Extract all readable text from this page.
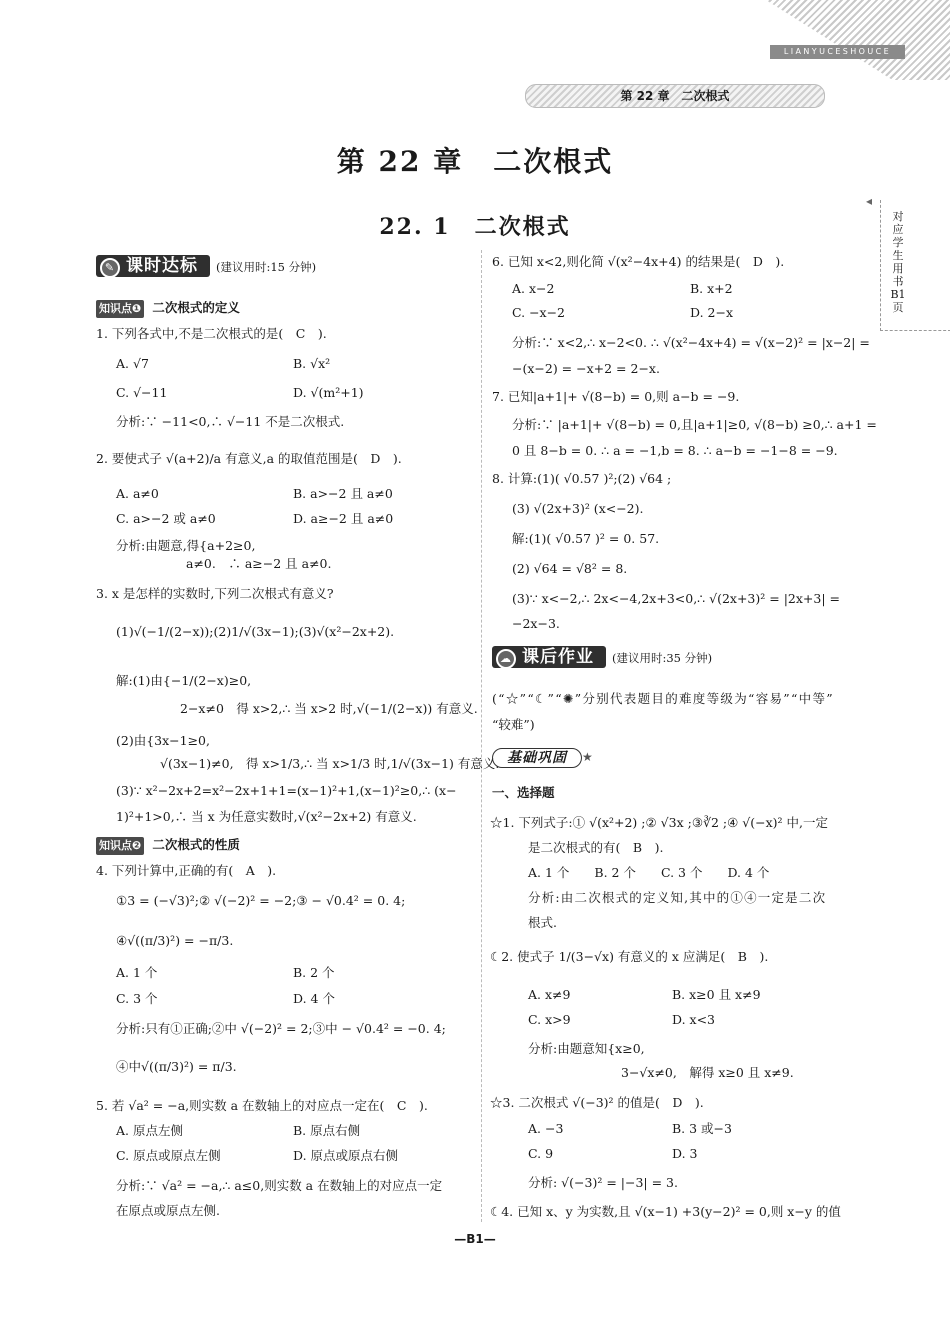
LIANYUCESHOUCE
第 22 章　二次根式
第 22 章　二次根式
22. 1　二次根式
◂
对应学生用书B1页
✎ 课时达标 (建议用时:15 分钟)
知识点❶ 二次根式的定义
1. 下列各式中,不是二次根式的是(　C　).
A. √7	B. √x²
C. √−11	D. √(m²+1)
分析:∵ −11<0,∴ √−11 不是二次根式.
2. 要使式子 √(a+2)/a 有意义,a 的取值范围是(　D　).
A. a≠0	B. a>−2 且 a≠0
C. a>−2 或 a≠0	D. a≥−2 且 a≠0
分析:由题意,得{a+2≥0,
a≠0.　∴ a≥−2 且 a≠0.
3. x 是怎样的实数时,下列二次根式有意义?
(1)√(−1/(2−x));(2)1/√(3x−1);(3)√(x²−2x+2).
解:(1)由{−1/(2−x)≥0,
2−x≠0　得 x>2,∴ 当 x>2 时,√(−1/(2−x)) 有意义.
(2)由{3x−1≥0,
√(3x−1)≠0,　得 x>1/3,∴ 当 x>1/3 时,1/√(3x−1) 有意义.
(3)∵ x²−2x+2=x²−2x+1+1=(x−1)²+1,(x−1)²≥0,∴ (x−
1)²+1>0,∴ 当 x 为任意实数时,√(x²−2x+2) 有意义.
知识点❷ 二次根式的性质
4. 下列计算中,正确的有(　A　).
①3 = (−√3)²;② √(−2)² = −2;③ − √0.4² = 0. 4;
④√((π/3)²) = −π/3.
A. 1 个	B. 2 个
C. 3 个	D. 4 个
分析:只有①正确;②中 √(−2)² = 2;③中 − √0.4² = −0. 4;
④中√((π/3)²) = π/3.
5. 若 √a² = −a,则实数 a 在数轴上的对应点一定在(　C　).
A. 原点左侧	B. 原点右侧
C. 原点或原点左侧	D. 原点或原点右侧
分析:∵ √a² = −a,∴ a≤0,则实数 a 在数轴上的对应点一定
在原点或原点左侧.
6. 已知 x<2,则化简 √(x²−4x+4) 的结果是(　D　).
A. x−2	B. x+2
C. −x−2	D. 2−x
分析:∵ x<2,∴ x−2<0. ∴ √(x²−4x+4) = √(x−2)² = |x−2| =
−(x−2) = −x+2 = 2−x.
7. 已知|a+1|+ √(8−b) = 0,则 a−b = −9.
分析:∵ |a+1|+ √(8−b) = 0,且|a+1|≥0, √(8−b) ≥0,∴ a+1 =
0 且 8−b = 0. ∴ a = −1,b = 8. ∴ a−b = −1−8 = −9.
8. 计算:(1)( √0.57 )²;(2) √64 ;
(3) √(2x+3)² (x<−2).
解:(1)( √0.57 )² = 0. 57.
(2) √64 = √8² = 8.
(3)∵ x<−2,∴ 2x<−4,2x+3<0,∴ √(2x+3)² = |2x+3| =
−2x−3.
☁ 课后作业 (建议用时:35 分钟)
(“☆”“☾”“✺”分别代表题目的难度等级为“容易”“中等”
“较难”)
基础巩固 ★
一、选择题
☆1. 下列式子:① √(x²+2) ;② √3x ;③∛2 ;④ √(−x)² 中,一定
是二次根式的有(　B　).
A. 1 个　　B. 2 个　　C. 3 个　　D. 4 个
分析:由二次根式的定义知,其中的①④一定是二次
根式.
☾2. 使式子 1/(3−√x) 有意义的 x 应满足(　B　).
A. x≠9	B. x≥0 且 x≠9
C. x>9	D. x<3
分析:由题意知{x≥0,
3−√x≠0,　解得 x≥0 且 x≠9.
☆3. 二次根式 √(−3)² 的值是(　D　).
A. −3	B. 3 或−3
C. 9	D. 3
分析: √(−3)² = |−3| = 3.
☾4. 已知 x、y 为实数,且 √(x−1) +3(y−2)² = 0,则 x−y 的值
—B1—
